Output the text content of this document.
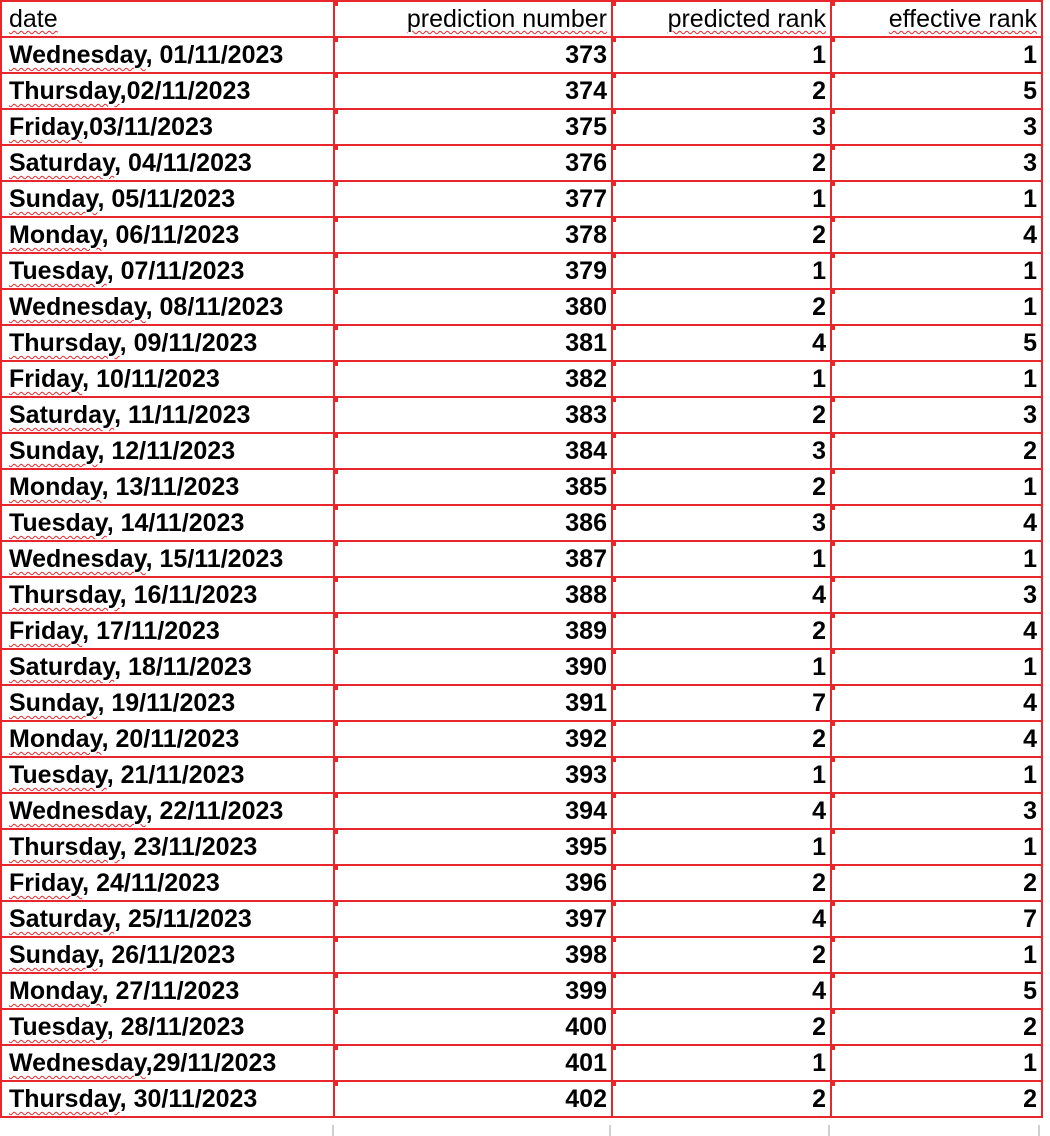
date	prediction number	predicted rank	effective rank
Wednesday, 01/11/2023	373	1	1
Thursday,02/11/2023	374	2	5
Friday,03/11/2023	375	3	3
Saturday, 04/11/2023	376	2	3
Sunday, 05/11/2023	377	1	1
Monday, 06/11/2023	378	2	4
Tuesday, 07/11/2023	379	1	1
Wednesday, 08/11/2023	380	2	1
Thursday, 09/11/2023	381	4	5
Friday, 10/11/2023	382	1	1
Saturday, 11/11/2023	383	2	3
Sunday, 12/11/2023	384	3	2
Monday, 13/11/2023	385	2	1
Tuesday, 14/11/2023	386	3	4
Wednesday, 15/11/2023	387	1	1
Thursday, 16/11/2023	388	4	3
Friday, 17/11/2023	389	2	4
Saturday, 18/11/2023	390	1	1
Sunday, 19/11/2023	391	7	4
Monday, 20/11/2023	392	2	4
Tuesday, 21/11/2023	393	1	1
Wednesday, 22/11/2023	394	4	3
Thursday, 23/11/2023	395	1	1
Friday, 24/11/2023	396	2	2
Saturday, 25/11/2023	397	4	7
Sunday, 26/11/2023	398	2	1
Monday, 27/11/2023	399	4	5
Tuesday, 28/11/2023	400	2	2
Wednesday,29/11/2023	401	1	1
Thursday, 30/11/2023	402	2	2
